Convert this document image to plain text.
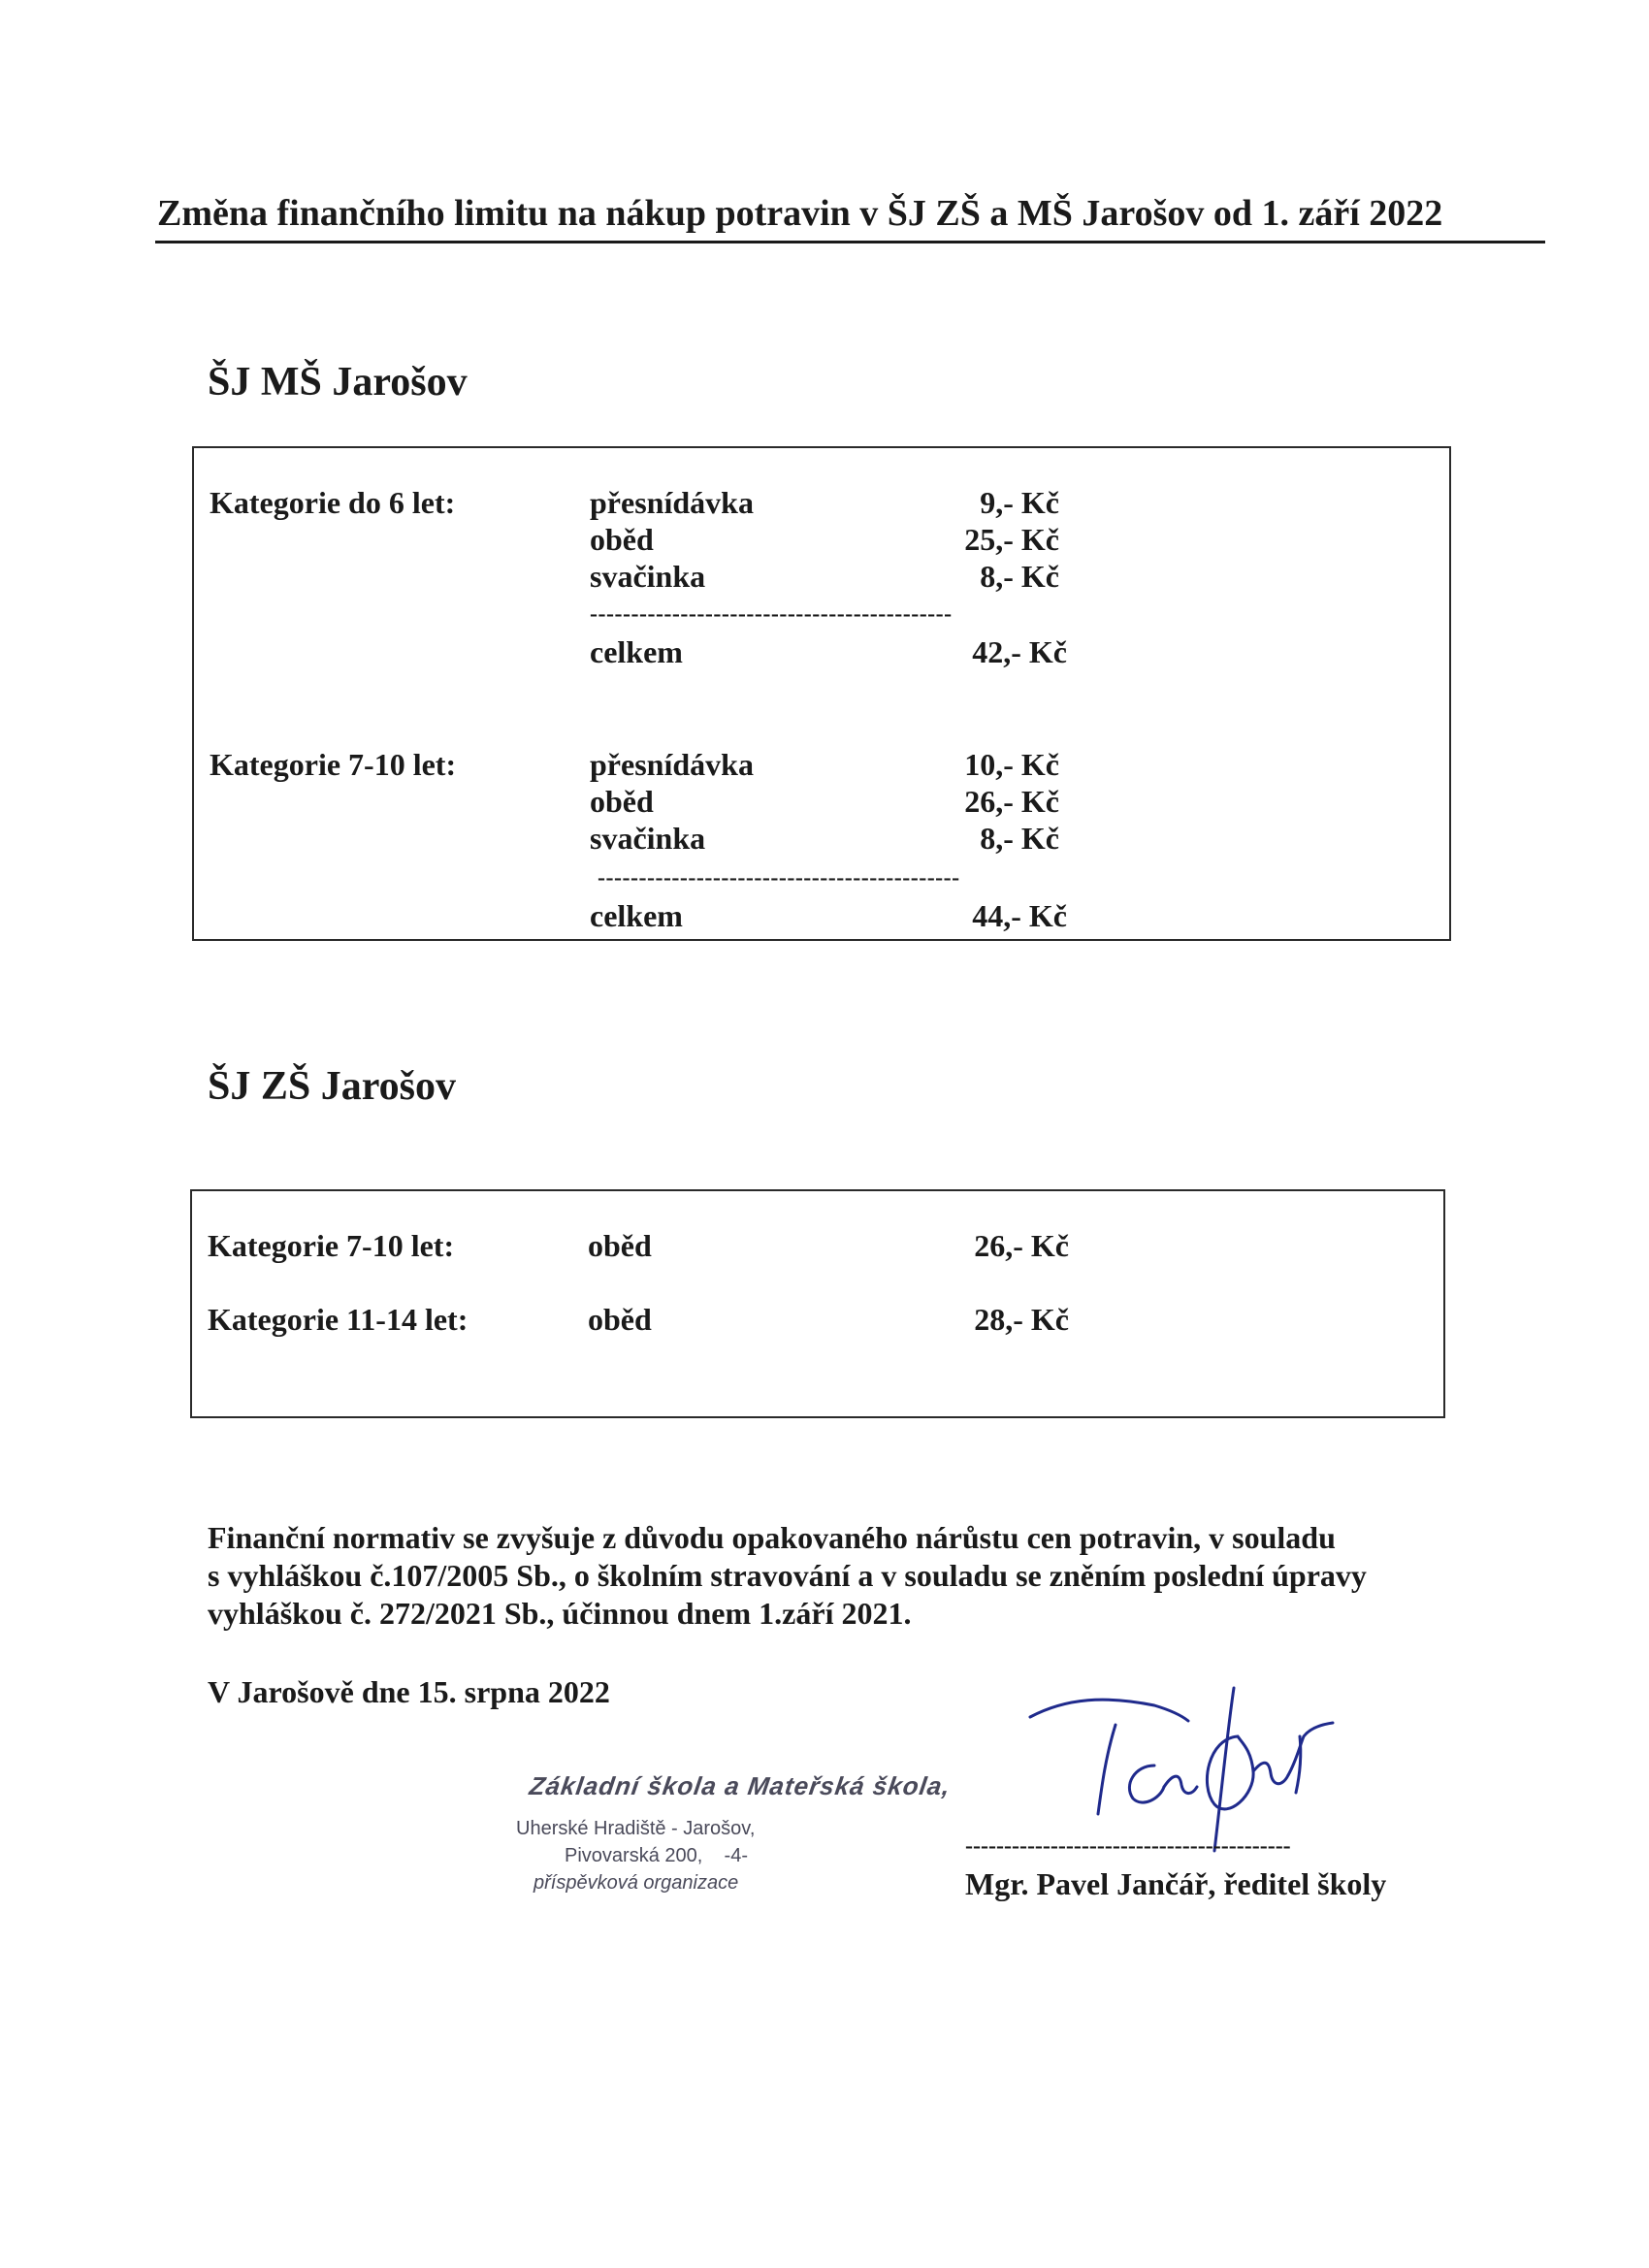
Změna finančního limitu na nákup potravin v ŠJ ZŠ a MŠ Jarošov od 1. září 2022
ŠJ MŠ Jarošov
Kategorie do 6 let:	přesnídávka	9,- Kč
oběd	25,- Kč
svačinka	8,- Kč
--------------------------------------------
celkem	42,- Kč
Kategorie 7-10 let:	přesnídávka	10,- Kč
oběd	26,- Kč
svačinka	8,- Kč
--------------------------------------------
celkem	44,- Kč
ŠJ ZŠ Jarošov
Kategorie 7-10 let:	oběd	26,- Kč
Kategorie 11-14 let:	oběd	28,- Kč
Finanční normativ se zvyšuje z důvodu opakovaného nárůstu cen potravin, v souladu
s vyhláškou č.107/2005 Sb., o školním stravování a v souladu se zněním poslední úpravy
vyhláškou č. 272/2021 Sb., účinnou dnem 1.září 2021.
V Jarošově dne 15. srpna 2022
Základní škola a Mateřská škola,
Uherské Hradiště - Jarošov,
Pivovarská 200, -4-
příspěvková organizace
------------------------------------------
Mgr. Pavel Jančář, ředitel školy
